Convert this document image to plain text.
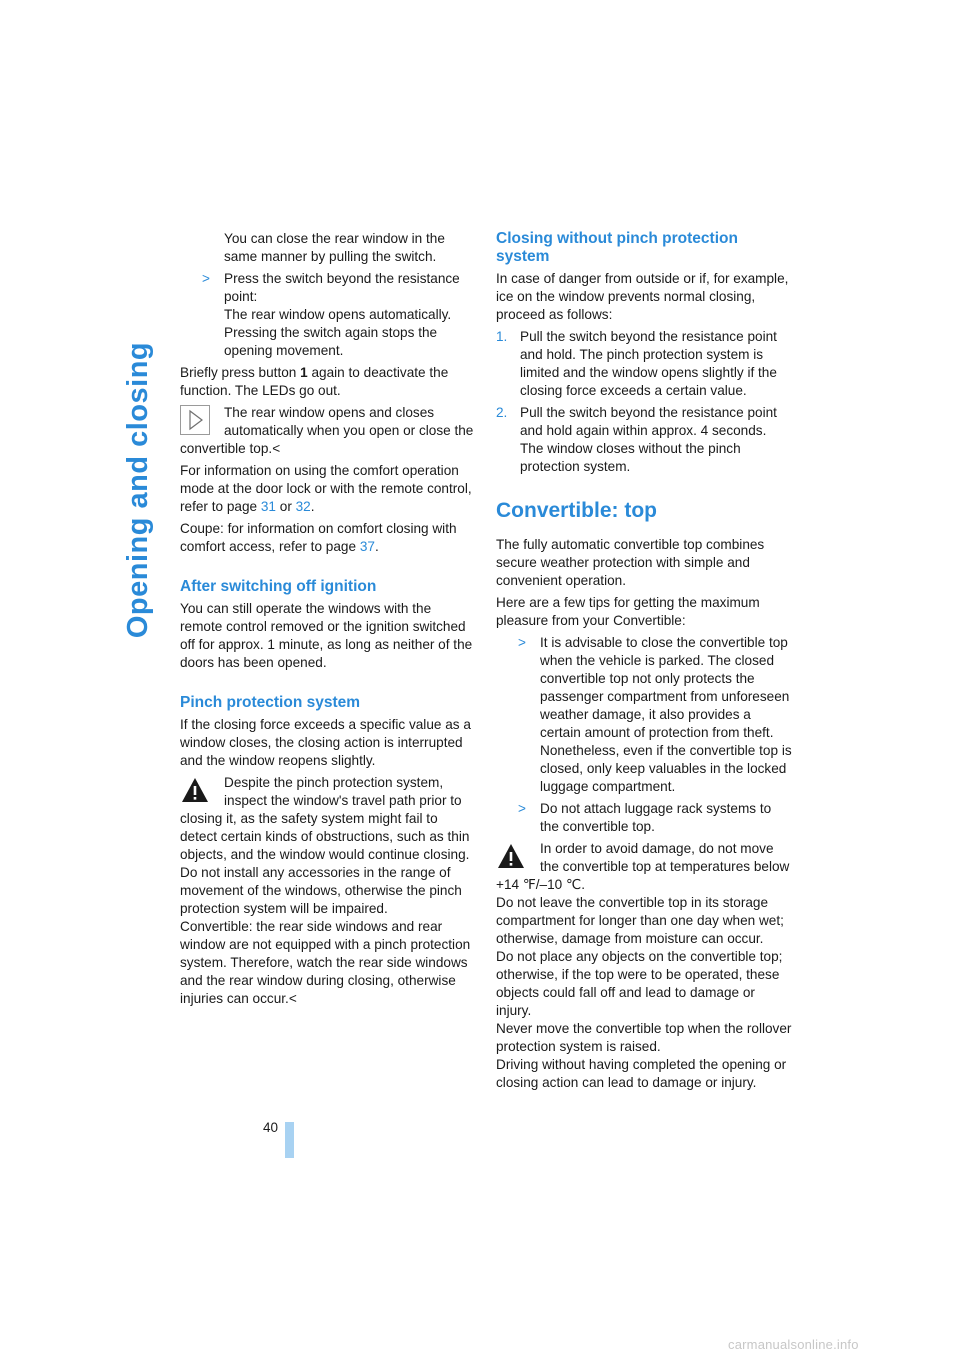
Opening and closing

You can close the rear window in the same manner by pulling the switch.

> Press the switch beyond the resistance point:
The rear window opens automatically.
Pressing the switch again stops the opening movement.

Briefly press button 1 again to deactivate the function. The LEDs go out.

The rear window opens and closes automatically when you open or close the convertible top.<

For information on using the comfort operation mode at the door lock or with the remote control, refer to page 31 or 32.

Coupe: for information on comfort closing with comfort access, refer to page 37.

After switching off ignition

You can still operate the windows with the remote control removed or the ignition switched off for approx. 1 minute, as long as neither of the doors has been opened.

Pinch protection system

If the closing force exceeds a specific value as a window closes, the closing action is interrupted and the window reopens slightly.

Despite the pinch protection system, inspect the window's travel path prior to closing it, as the safety system might fail to detect certain kinds of obstructions, such as thin objects, and the window would continue closing.
Do not install any accessories in the range of movement of the windows, otherwise the pinch protection system will be impaired.
Convertible: the rear side windows and rear window are not equipped with a pinch protection system. Therefore, watch the rear side windows and the rear window during closing, otherwise injuries can occur.<
Closing without pinch protection system

In case of danger from outside or if, for example, ice on the window prevents normal closing, proceed as follows:

1. Pull the switch beyond the resistance point and hold. The pinch protection system is limited and the window opens slightly if the closing force exceeds a certain value.
2. Pull the switch beyond the resistance point and hold again within approx. 4 seconds. The window closes without the pinch protection system.
Convertible: top

The fully automatic convertible top combines secure weather protection with simple and convenient operation.

Here are a few tips for getting the maximum pleasure from your Convertible:

> It is advisable to close the convertible top when the vehicle is parked. The closed convertible top not only protects the passenger compartment from unforeseen weather damage, it also provides a certain amount of protection from theft. Nonetheless, even if the convertible top is closed, only keep valuables in the locked luggage compartment.
> Do not attach luggage rack systems to the convertible top.
In order to avoid damage, do not move the convertible top at temperatures below +14 ℉/–10 ℃.
Do not leave the convertible top in its storage compartment for longer than one day when wet; otherwise, damage from moisture can occur.
Do not place any objects on the convertible top; otherwise, if the top were to be operated, these objects could fall off and lead to damage or injury.
Never move the convertible top when the rollover protection system is raised.
Driving without having completed the opening or closing action can lead to damage or injury.
40
carmanualsonline.info
